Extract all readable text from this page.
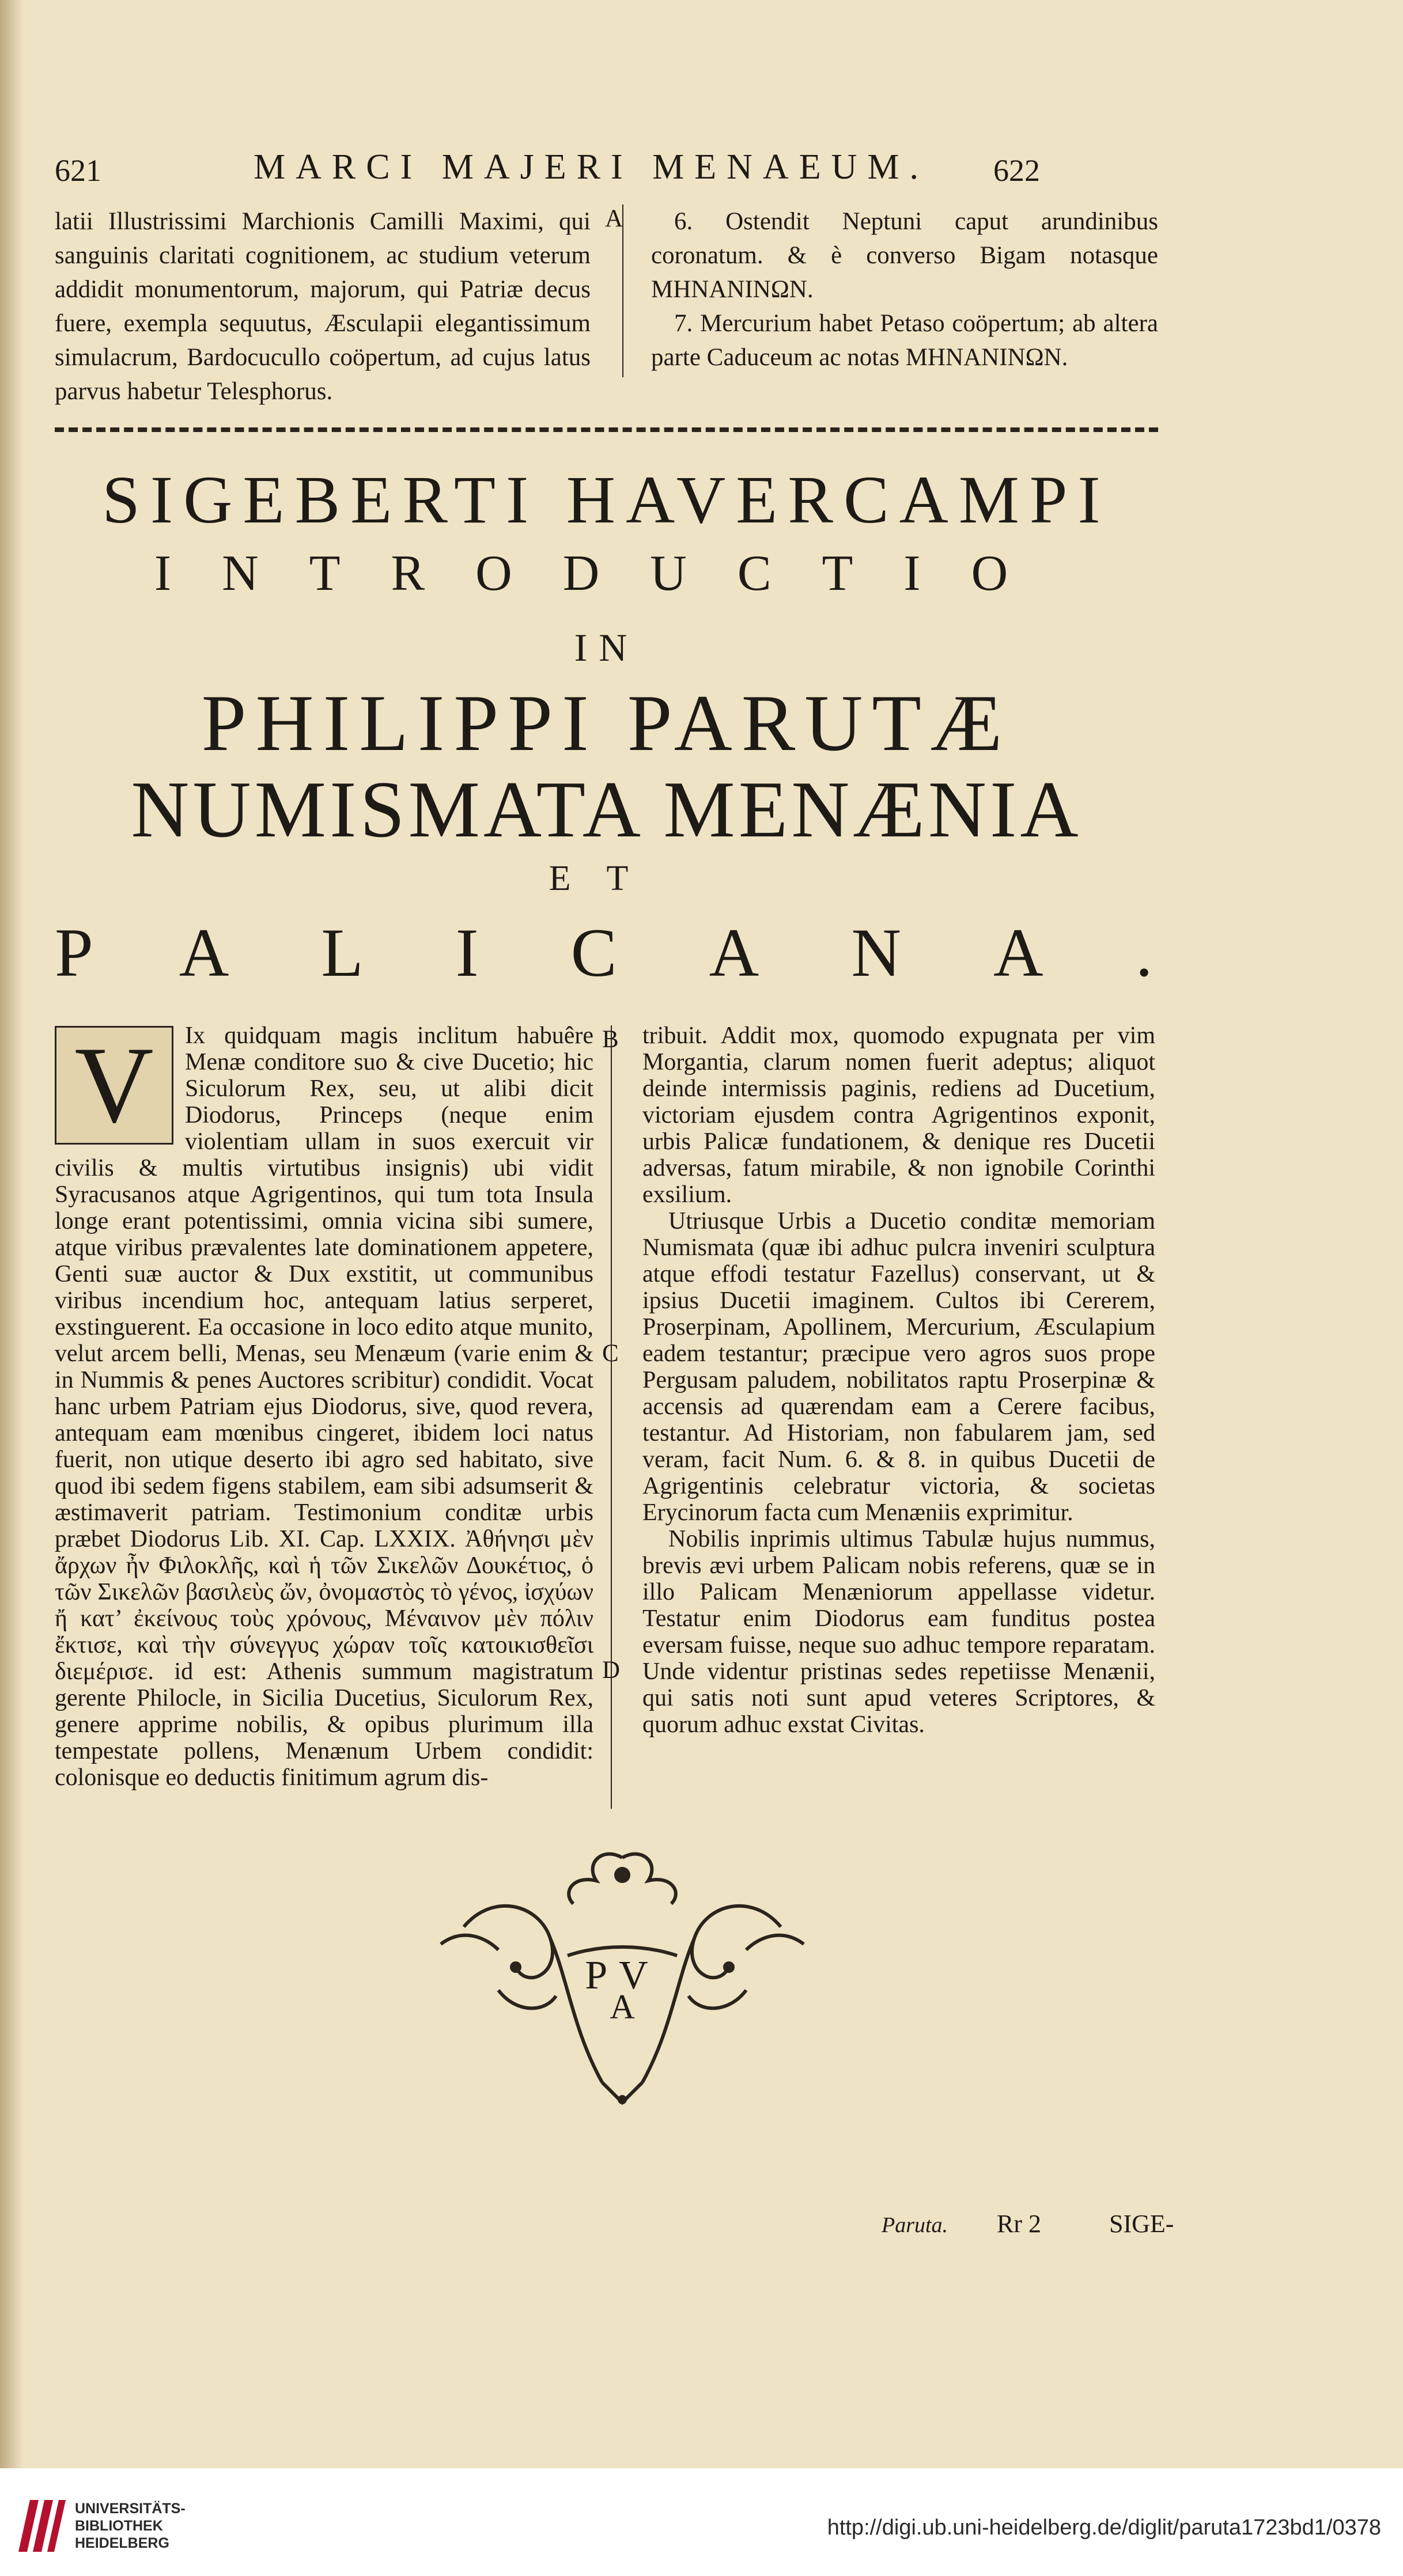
621	MARCI MAJERI MENAEUM. 622
latii Illustrissimi Marchionis Camilli Maximi, qui sanguinis claritati cognitionem, ac studium veterum addidit monumentorum, majorum, qui Patriæ decus fuere, exempla sequutus, Æsculapii elegantissimum simulacrum, Bardocucullo coöpertum, ad cujus latus parvus habetur Telesphorus.
A	6. Ostendit Neptuni caput arundinibus coronatum. & è converso Bigam notasque ΜΗΝΑΝΙΝΩΝ.
7. Mercurium habet Petaso coöpertum; ab altera parte Caduceum ac notas ΜΗΝΑΝΙΝΩΝ.
SIGEBERTI HAVERCAMPI
INTRODUCTIO
IN
PHILIPPI PARUTÆ
NUMISMATA MENÆNIA
ET
PALICANA.
V Ix quidquam magis inclitum habuêre Menæ conditore suo & cive Ducetio; hic Siculorum Rex, seu, ut alibi dicit Diodorus, Princeps (neque enim violentiam ullam in suos exercuit vir civilis & multis virtutibus insignis) ubi vidit Syracusanos atque Agrigentinos, qui tum tota Insula longe erant potentissimi, omnia vicina sibi sumere, atque viribus prævalentes late dominationem appetere, Genti suæ auctor & Dux exstitit, ut communibus viribus incendium hoc, antequam latius serperet, exstinguerent. Ea occasione in loco edito atque munito, velut arcem belli, Menas, seu Menæum (varie enim & in Nummis & penes Auctores scribitur) condidit. Vocat hanc urbem Patriam ejus Diodorus, sive, quod revera, antequam eam mœnibus cingeret, ibidem loci natus fuerit, non utique deserto ibi agro sed habitato, sive quod ibi sedem figens stabilem, eam sibi adsumserit & æstimaverit patriam. Testimonium conditæ urbis præbet Diodorus Lib. XI. Cap. LXXIX. Ἀθήνησι μὲν ἄρχων ἦν Φιλοκλῆς, καὶ ἡ τῶν Σικελῶν Δουκέτιος, ὁ τῶν Σικελῶν βασιλεὺς ὤν, ὀνομαστὸς τὸ γένος, ἰσχύων ἤ κατ’ ἐκείνους τοὺς χρόνους, Μέναινον μὲν πόλιν ἔκτισε, καὶ τὴν σύνεγγυς χώραν τοῖς κατοικισθεῖσι διεμέρισε. id est: Athenis summum magistratum gerente Philocle, in Sicilia Ducetius, Siculorum Rex, genere apprime nobilis, & opibus plurimum illa tempestate pollens, Menænum Urbem condidit: colonisque eo deductis finitimum agrum dis-
B
C
D
tribuit. Addit mox, quomodo expugnata per vim Morgantia, clarum nomen fuerit adeptus; aliquot deinde intermissis paginis, rediens ad Ducetium, victoriam ejusdem contra Agrigentinos exponit, urbis Palicæ fundationem, & denique res Ducetii adversas, fatum mirabile, & non ignobile Corinthi exsilium.
Utriusque Urbis a Ducetio conditæ memoriam Numismata (quæ ibi adhuc pulcra inveniri sculptura atque effodi testatur Fazellus) conservant, ut & ipsius Ducetii imaginem. Cultos ibi Cererem, Proserpinam, Apollinem, Mercurium, Æsculapium eadem testantur; præcipue vero agros suos prope Pergusam paludem, nobilitatos raptu Proserpinæ & accensis ad quærendam eam a Cerere facibus, testantur. Ad Historiam, non fabularem jam, sed veram, facit Num. 6. & 8. in quibus Ducetii de Agrigentinis celebratur victoria, & societas Erycinorum facta cum Menæniis exprimitur.
Nobilis inprimis ultimus Tabulæ hujus nummus, brevis ævi urbem Palicam nobis referens, quæ se in illo Palicam Menæniorum appellasse videtur. Testatur enim Diodorus eam funditus postea eversam fuisse, neque suo adhuc tempore reparatam. Unde videntur pristinas sedes repetiisse Menænii, qui satis noti sunt apud veteres Scriptores, & quorum adhuc exstat Civitas.
PV
A
Paruta. Rr 2	SIGE-
UNIVERSITÄTS-
BIBLIOTHEK
HEIDELBERG
http://digi.ub.uni-heidelberg.de/diglit/paruta1723bd1/0378
